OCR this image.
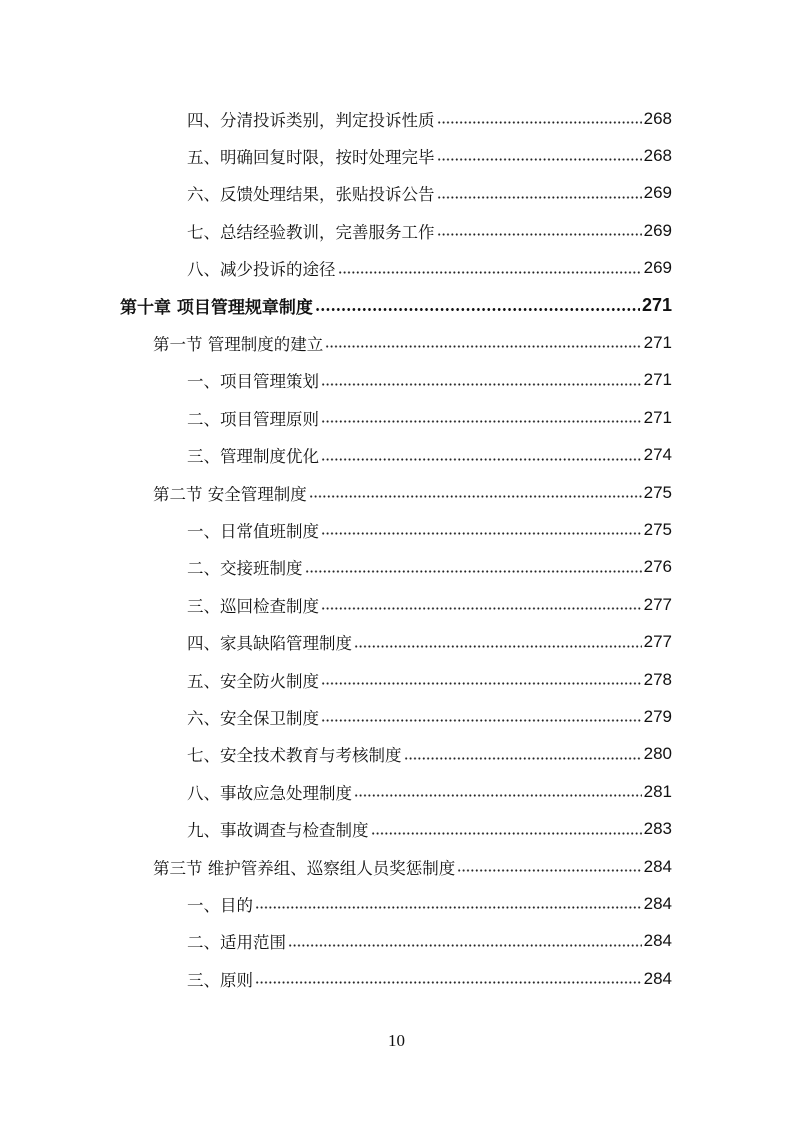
四、分清投诉类别，判定投诉性质	268
五、明确回复时限，按时处理完毕	268
六、反馈处理结果，张贴投诉公告	269
七、总结经验教训，完善服务工作	269
八、减少投诉的途径	269
第十章 项目管理规章制度	271
第一节 管理制度的建立	271
一、项目管理策划	271
二、项目管理原则	271
三、管理制度优化	274
第二节 安全管理制度	275
一、日常值班制度	275
二、交接班制度	276
三、巡回检查制度	277
四、家具缺陷管理制度	277
五、安全防火制度	278
六、安全保卫制度	279
七、安全技术教育与考核制度	280
八、事故应急处理制度	281
九、事故调查与检查制度	283
第三节 维护管养组、巡察组人员奖惩制度	284
一、目的	284
二、适用范围	284
三、原则	284
10
